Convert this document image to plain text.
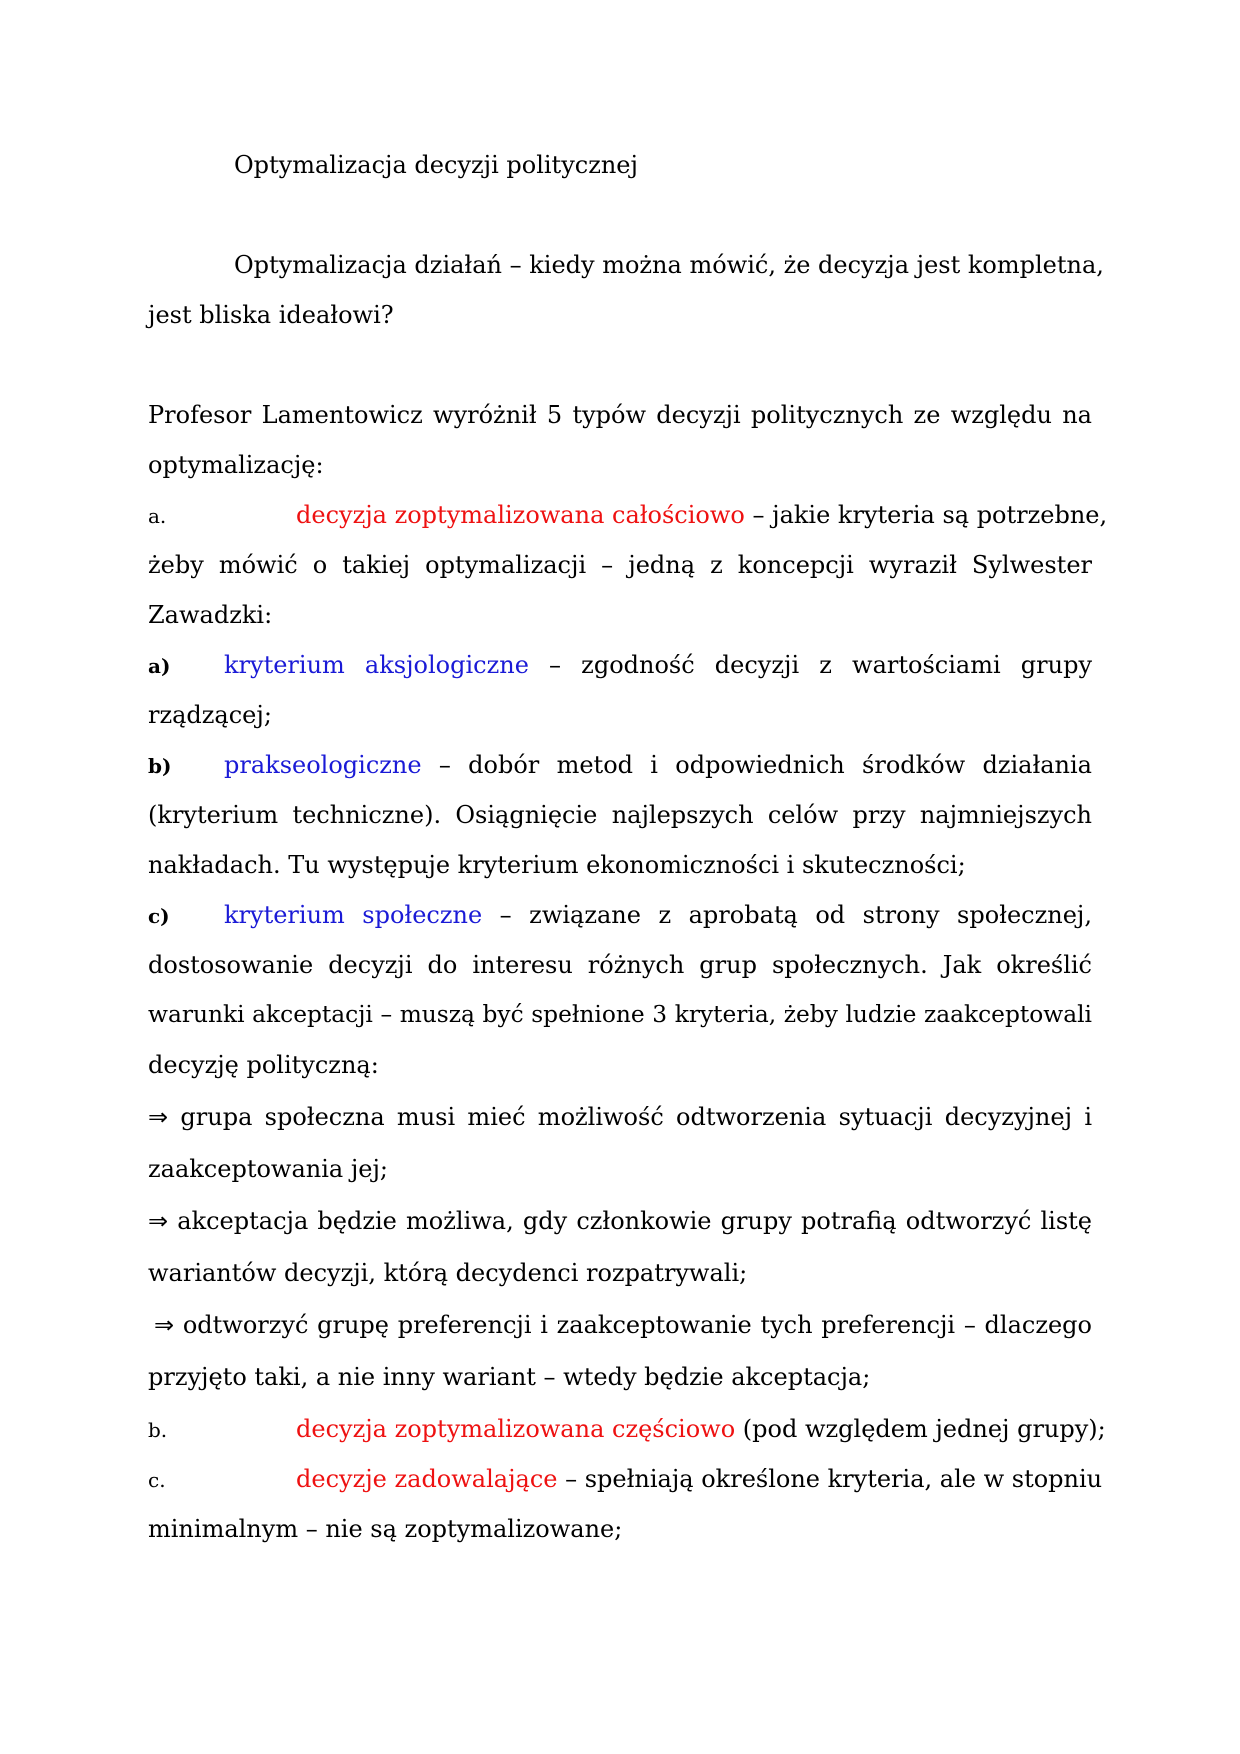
Optymalizacja decyzji politycznej
Optymalizacja działań – kiedy można mówić, że decyzja jest kompletna,
jest bliska ideałowi?
Profesor Lamentowicz wyróżnił 5 typów decyzji politycznych ze względu na
optymalizację:
a.	decyzja zoptymalizowana całościowo – jakie kryteria są potrzebne,
żeby mówić o takiej optymalizacji – jedną z koncepcji wyraził Sylwester
Zawadzki:
a) kryterium aksjologiczne – zgodność decyzji z wartościami grupy
rządzącej;
b) prakseologiczne – dobór metod i odpowiednich środków działania
(kryterium techniczne). Osiągnięcie najlepszych celów przy najmniejszych
nakładach. Tu występuje kryterium ekonomiczności i skuteczności;
c) kryterium społeczne – związane z aprobatą od strony społecznej,
dostosowanie decyzji do interesu różnych grup społecznych. Jak określić
warunki akceptacji – muszą być spełnione 3 kryteria, żeby ludzie zaakceptowali
decyzję polityczną:
⇒ grupa społeczna musi mieć możliwość odtworzenia sytuacji decyzyjnej i
zaakceptowania jej;
⇒ akceptacja będzie możliwa, gdy członkowie grupy potrafią odtworzyć listę
wariantów decyzji, którą decydenci rozpatrywali;
⇒ odtworzyć grupę preferencji i zaakceptowanie tych preferencji – dlaczego
przyjęto taki, a nie inny wariant – wtedy będzie akceptacja;
b.	decyzja zoptymalizowana częściowo (pod względem jednej grupy);
c.	decyzje zadowalające – spełniają określone kryteria, ale w stopniu
minimalnym – nie są zoptymalizowane;
